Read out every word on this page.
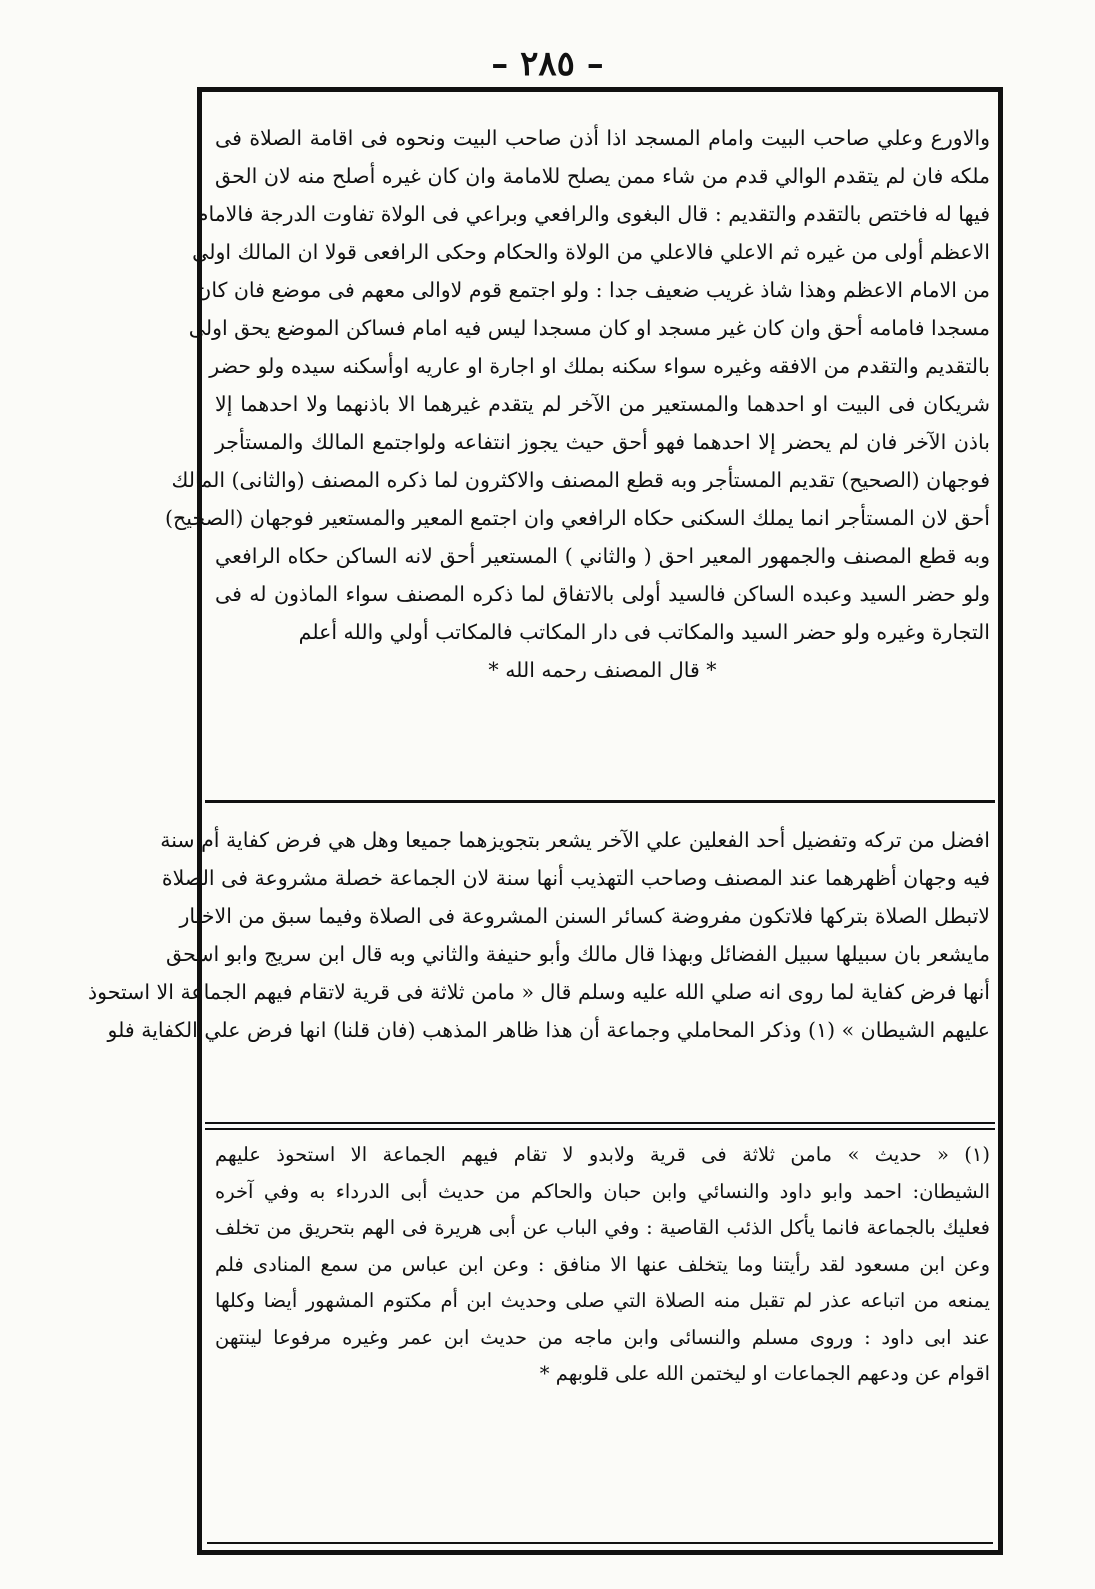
– ٢٨٥ –
والاورع وعلي صاحب البيت وامام المسجد اذا أذن صاحب البيت ونحوه فى اقامة الصلاة فى
ملكه فان لم يتقدم الوالي قدم من شاء ممن يصلح للامامة وان كان غيره أصلح منه لان الحق
فيها له فاختص بالتقدم والتقديم : قال البغوى والرافعي وبراعي فى الولاة تفاوت الدرجة فالامام
الاعظم أولى من غيره ثم الاعلي فالاعلي من الولاة والحكام وحكى الرافعى قولا ان المالك اولى
من الامام الاعظم وهذا شاذ غريب ضعيف جدا : ولو اجتمع قوم لاوالى معهم فى موضع فان كان
مسجدا فامامه أحق وان كان غير مسجد او كان مسجدا ليس فيه امام فساكن الموضع يحق اولى
بالتقديم والتقدم من الافقه وغيره سواء سكنه بملك او اجارة او عاريه اوأسكنه سيده ولو حضر
شريكان فى البيت او احدهما والمستعير من الآخر لم يتقدم غيرهما الا باذنهما ولا احدهما إلا
باذن الآخر فان لم يحضر إلا احدهما فهو أحق حيث يجوز انتفاعه ولواجتمع المالك والمستأجر
فوجهان (الصحيح) تقديم المستأجر وبه قطع المصنف والاكثرون لما ذكره المصنف (والثانى) المالك
أحق لان المستأجر انما يملك السكنى حكاه الرافعي وان اجتمع المعير والمستعير فوجهان (الصحيح)
وبه قطع المصنف والجمهور المعير احق ( والثاني ) المستعير أحق لانه الساكن حكاه الرافعي
ولو حضر السيد وعبده الساكن فالسيد أولى بالاتفاق لما ذكره المصنف سواء الماذون له فى
التجارة وغيره ولو حضر السيد والمكاتب فى دار المكاتب فالمكاتب أولي والله أعلم
* قال المصنف رحمه الله *
افضل من تركه وتفضيل أحد الفعلين علي الآخر يشعر بتجويزهما جميعا وهل هي فرض كفاية أم سنة
فيه وجهان أظهرهما عند المصنف وصاحب التهذيب أنها سنة لان الجماعة خصلة مشروعة فى الصلاة
لاتبطل الصلاة بتركها فلاتكون مفروضة كسائر السنن المشروعة فى الصلاة وفيما سبق من الاخبار
مايشعر بان سبيلها سبيل الفضائل وبهذا قال مالك وأبو حنيفة والثاني وبه قال ابن سريج وابو اسحق
أنها فرض كفاية لما روى انه صلي الله عليه وسلم قال « مامن ثلاثة فى قرية لاتقام فيهم الجماعة الا استحوذ
عليهم الشيطان » (١) وذكر المحاملي وجماعة أن هذا ظاهر المذهب (فان قلنا) انها فرض علي الكفاية فلو
(١) « حديث » مامن ثلاثة فى قرية ولابدو لا تقام فيهم الجماعة الا استحوذ عليهم
الشيطان: احمد وابو داود والنسائي وابن حبان والحاكم من حديث أبى الدرداء به وفي آخره
فعليك بالجماعة فانما يأكل الذئب القاصية : وفي الباب عن أبى هريرة فى الهم بتحريق من تخلف
وعن ابن مسعود لقد رأيتنا وما يتخلف عنها الا منافق : وعن ابن عباس من سمع المنادى فلم
يمنعه من اتباعه عذر لم تقبل منه الصلاة التي صلى وحديث ابن أم مكتوم المشهور أيضا وكلها
عند ابى داود : وروى مسلم والنسائى وابن ماجه من حديث ابن عمر وغيره مرفوعا لينتهن
اقوام عن ودعهم الجماعات او ليختمن الله على قلوبهم *
